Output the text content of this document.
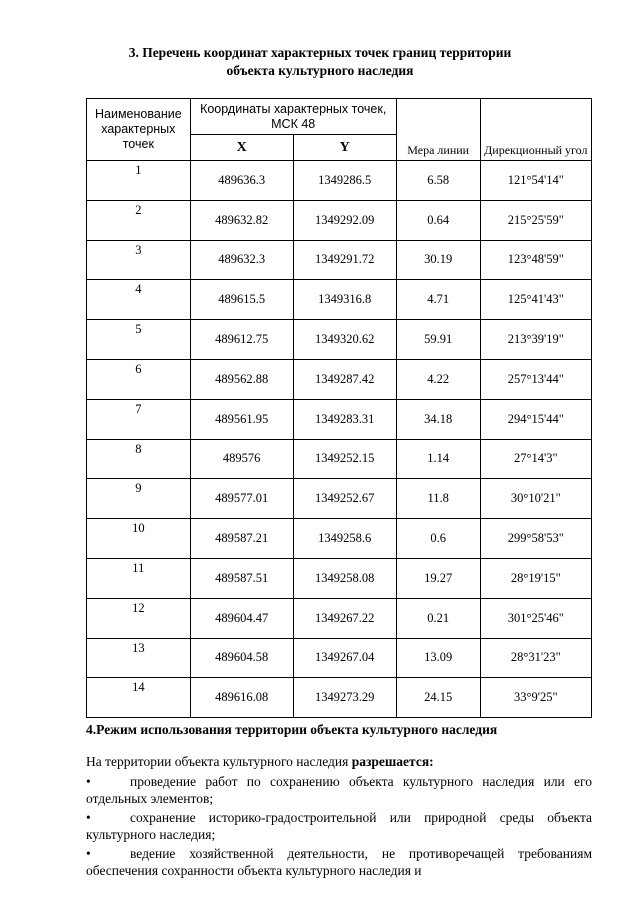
3. Перечень координат характерных точек границ территории
объекта культурного наследия
Наименование характерных точек	Координаты характерных точек, МСК 48		Мера линии	Дирекционный угол
	X	Y		
1	489636.3	1349286.5	6.58	121°54'14"
2	489632.82	1349292.09	0.64	215°25'59"
3	489632.3	1349291.72	30.19	123°48'59"
4	489615.5	1349316.8	4.71	125°41'43"
5	489612.75	1349320.62	59.91	213°39'19"
6	489562.88	1349287.42	4.22	257°13'44"
7	489561.95	1349283.31	34.18	294°15'44"
8	489576	1349252.15	1.14	27°14'3"
9	489577.01	1349252.67	11.8	30°10'21"
10	489587.21	1349258.6	0.6	299°58'53"
11	489587.51	1349258.08	19.27	28°19'15"
12	489604.47	1349267.22	0.21	301°25'46"
13	489604.58	1349267.04	13.09	28°31'23"
14	489616.08	1349273.29	24.15	33°9'25"
4.Режим использования территории объекта культурного наследия
На территории объекта культурного наследия разрешается:
•	проведение работ по сохранению объекта культурного наследия или его отдельных элементов;
•	сохранение историко-градостроительной или природной среды объекта культурного наследия;
•	ведение хозяйственной деятельности, не противоречащей требованиям обеспечения сохранности объекта культурного наследия и
